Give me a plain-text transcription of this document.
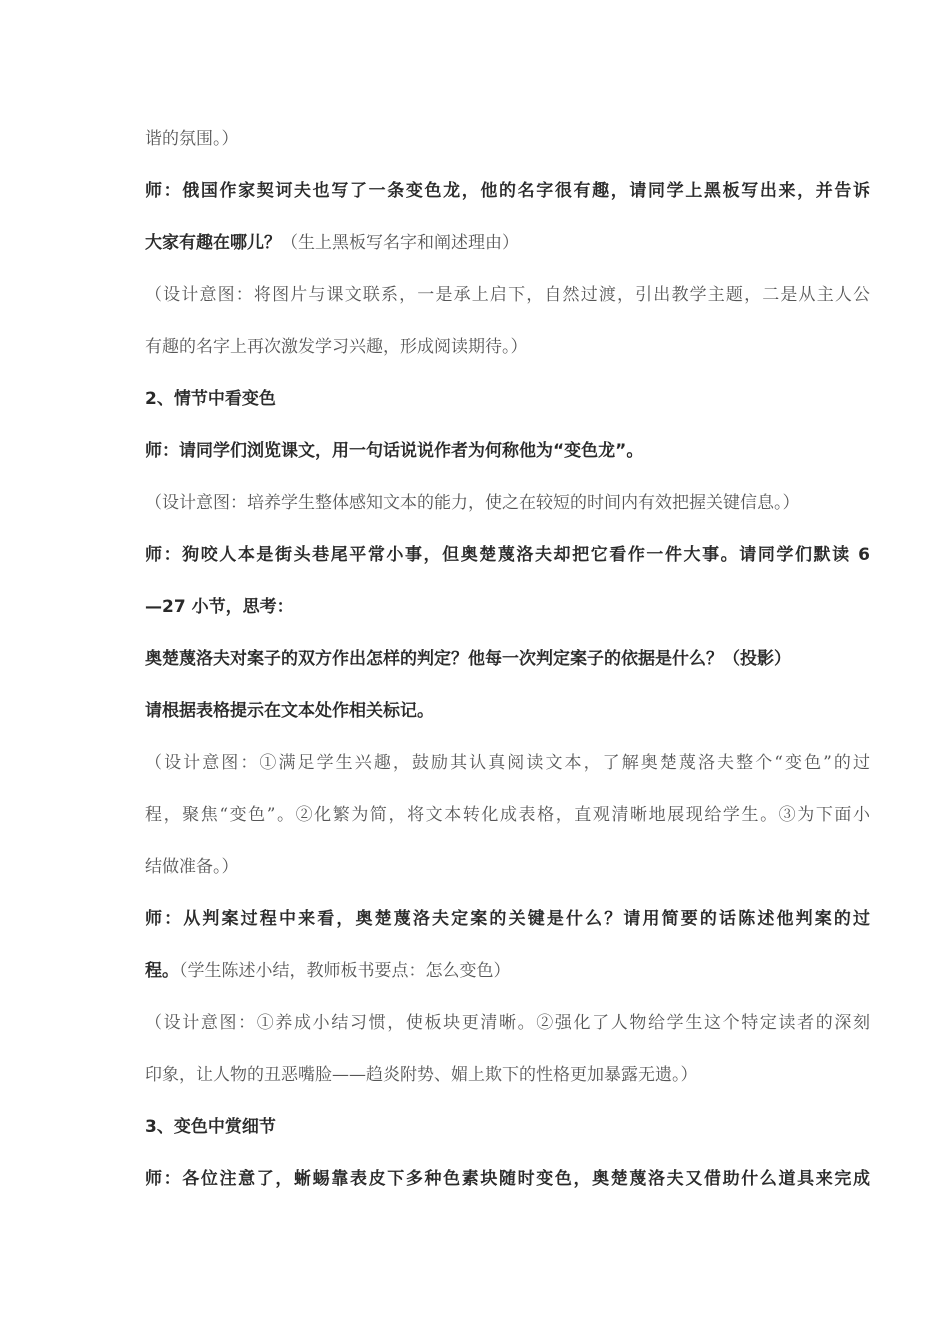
谐的氛围。）
师：俄国作家契诃夫也写了一条变色龙，他的名字很有趣，请同学上黑板写出来，并告诉
大家有趣在哪儿？（生上黑板写名字和阐述理由）
（设计意图：将图片与课文联系，一是承上启下，自然过渡，引出教学主题，二是从主人公
有趣的名字上再次激发学习兴趣，形成阅读期待。）
2、情节中看变色
师：请同学们浏览课文，用一句话说说作者为何称他为“变色龙”。
（设计意图：培养学生整体感知文本的能力，使之在较短的时间内有效把握关键信息。）
师：狗咬人本是街头巷尾平常小事，但奥楚蔑洛夫却把它看作一件大事。请同学们默读 6
—27 小节，思考：
奥楚蔑洛夫对案子的双方作出怎样的判定？他每一次判定案子的依据是什么？（投影）
请根据表格提示在文本处作相关标记。
（设计意图：①满足学生兴趣，鼓励其认真阅读文本，了解奥楚蔑洛夫整个“变色”的过
程，聚焦“变色”。②化繁为简，将文本转化成表格，直观清晰地展现给学生。③为下面小
结做准备。）
师：从判案过程中来看，奥楚蔑洛夫定案的关键是什么？请用简要的话陈述他判案的过
程。（学生陈述小结，教师板书要点：怎么变色）
（设计意图：①养成小结习惯，使板块更清晰。②强化了人物给学生这个特定读者的深刻
印象，让人物的丑恶嘴脸——趋炎附势、媚上欺下的性格更加暴露无遗。）
3、变色中赏细节
师：各位注意了，蜥蜴靠表皮下多种色素块随时变色，奥楚蔑洛夫又借助什么道具来完成
